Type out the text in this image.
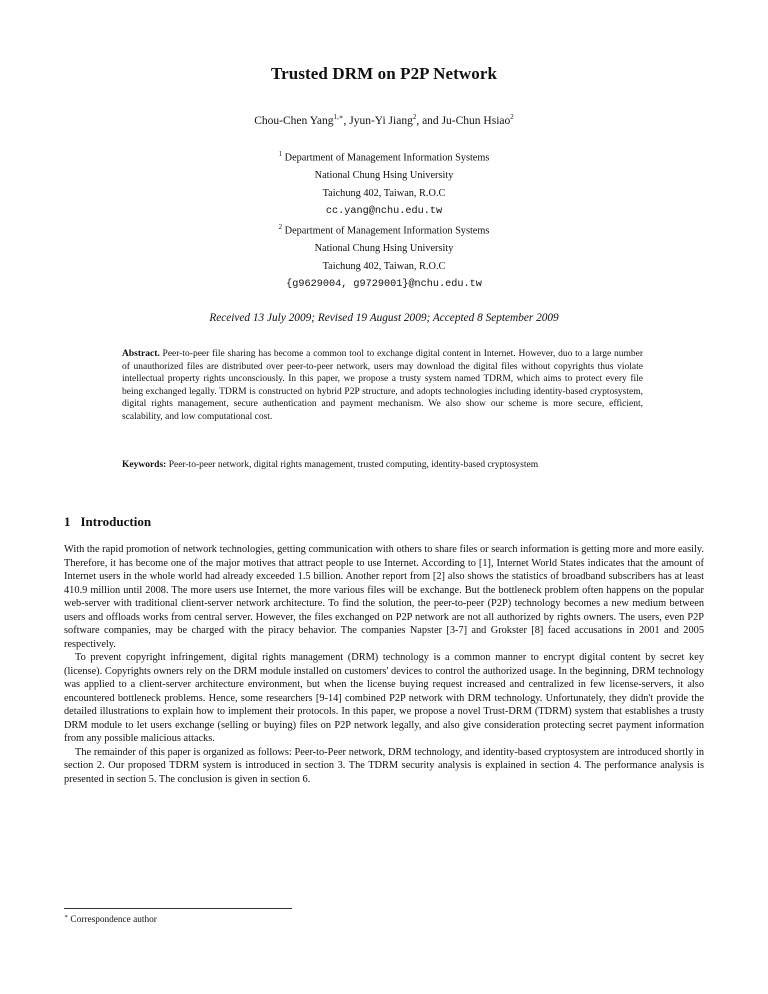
Trusted DRM on P2P Network
Chou-Chen Yang$^{1,∗}$, Jyun-Yi Jiang$^2$, and Ju-Chun Hsiao$^2$
$^1$ Department of Management Information Systems
National Chung Hsing University
Taichung 402, Taiwan, R.O.C
cc.yang@nchu.edu.tw
$^2$ Department of Management Information Systems
National Chung Hsing University
Taichung 402, Taiwan, R.O.C
{g9629004, g9729001}@nchu.edu.tw
Received 13 July 2009; Revised 19 August 2009; Accepted 8 September 2009
Abstract. Peer-to-peer file sharing has become a common tool to exchange digital content in Internet. However, duo to a large number of unauthorized files are distributed over peer-to-peer network, users may download the digital files without copyrights thus violate intellectual property rights unconsciously. In this paper, we propose a trusty system named TDRM, which aims to protect every file being exchanged legally. TDRM is constructed on hybrid P2P structure, and adopts technologies including identity-based cryptosystem, digital rights management, secure authentication and payment mechanism. We also show our scheme is more secure, efficient, scalability, and low computational cost.
Keywords: Peer-to-peer network, digital rights management, trusted computing, identity-based cryptosystem
1 Introduction

With the rapid promotion of network technologies, getting communication with others to share files or search information is getting more and more easily. Therefore, it has become one of the major motives that attract people to use Internet. According to [1], Internet World States indicates that the amount of Internet users in the whole world had already exceeded 1.5 billion. Another report from [2] also shows the statistics of broadband subscribers has at least 410.9 million until 2008. The more users use Internet, the more various files will be exchange. But the bottleneck problem often happens on the popular web-server with traditional client-server network architecture. To find the solution, the peer-to-peer (P2P) technology becomes a new medium between users and offloads works from central server. However, the files exchanged on P2P network are not all authorized by rights owners. The users, even P2P software companies, may be charged with the piracy behavior. The companies Napster [3-7] and Grokster [8] faced accusations in 2001 and 2005 respectively.

To prevent copyright infringement, digital rights management (DRM) technology is a common manner to encrypt digital content by secret key (license). Copyrights owners rely on the DRM module installed on customers' devices to control the authorized usage. In the beginning, DRM technology was applied to a client-server architecture environment, but when the license buying request increased and centralized in few license-servers, it also encountered bottleneck problems. Hence, some researchers [9-14] combined P2P network with DRM technology. Unfortunately, they didn't provide the detailed illustrations to explain how to implement their protocols. In this paper, we propose a novel Trust-DRM (TDRM) system that establishes a trusty DRM module to let users exchange (selling or buying) files on P2P network legally, and also give consideration protecting secret payment information from any possible malicious attacks.

The remainder of this paper is organized as follows: Peer-to-Peer network, DRM technology, and identity-based cryptosystem are introduced shortly in section 2. Our proposed TDRM system is introduced in section 3. The TDRM security analysis is explained in section 4. The performance analysis is presented in section 5. The conclusion is given in section 6.

∗ Correspondence author
